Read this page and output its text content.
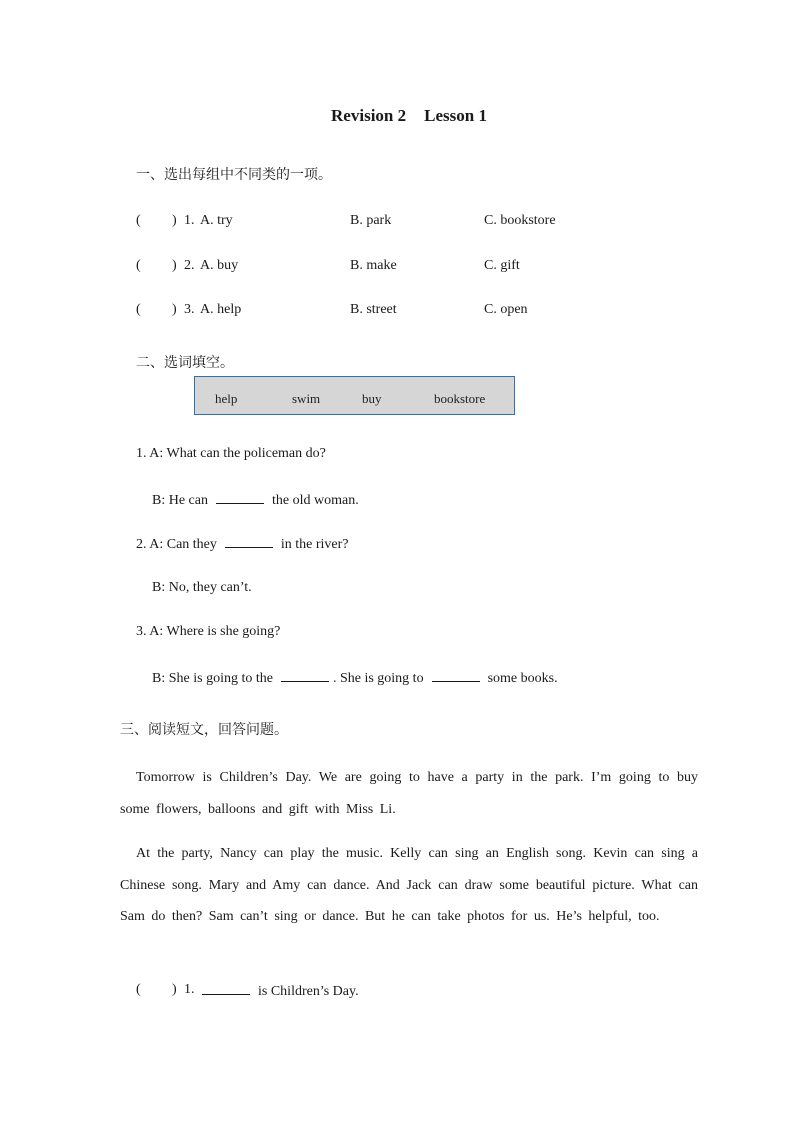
Revision 2 Lesson 1
一、选出每组中不同类的一项。
( ) 1. A. try	B. park	C. bookstore
( ) 2. A. buy	B. make	C. gift
( ) 3. A. help	B. street	C. open
二、选词填空。
help	swim	buy	bookstore
1. A: What can the policeman do?
B: He can	the old woman.
2. A: Can they	in the river?
B: No, they can’t.
3. A: Where is she going?
B: She is going to the	. She is going to	some books.
三、阅读短文，回答问题。
Tomorrow is Children’s Day. We are going to have a party in the park. I’m going to buy some flowers, balloons and gift with Miss Li.
At the party, Nancy can play the music. Kelly can sing an English song. Kevin can sing a Chinese song. Mary and Amy can dance. And Jack can draw some beautiful picture. What can Sam do then? Sam can’t sing or dance. But he can take photos for us. He’s helpful, too.
( ) 1.	is Children’s Day.
